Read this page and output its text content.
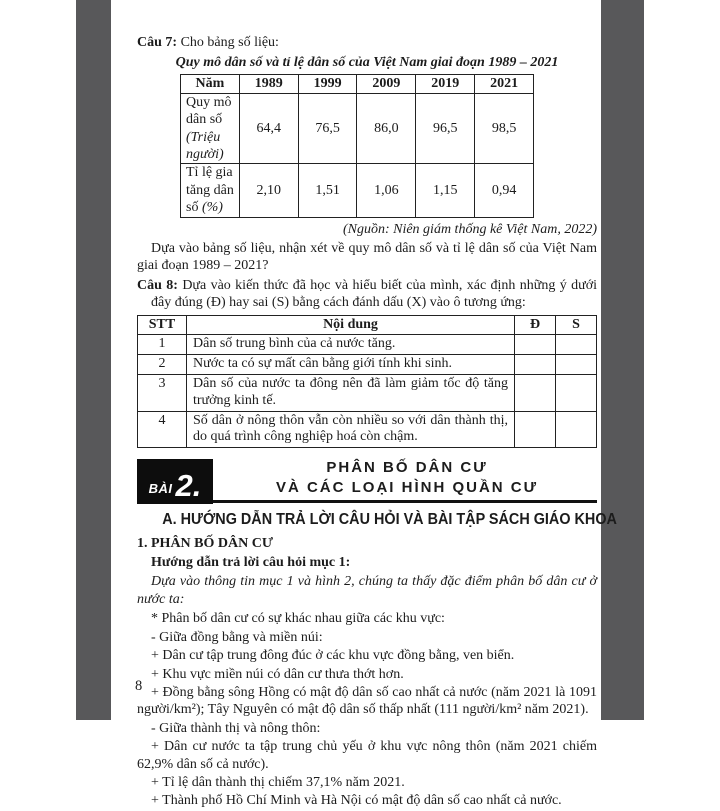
Câu 7: Cho bảng số liệu:

Quy mô dân số và tỉ lệ dân số của Việt Nam giai đoạn 1989 – 2021
Năm	1989	1999	2009	2019	2021
Quy mô dân số (Triệu người)	64,4	76,5	86,0	96,5	98,5
Tỉ lệ gia tăng dân số (%)	2,10	1,51	1,06	1,15	0,94
(Nguồn: Niên giám thống kê Việt Nam, 2022)

Dựa vào bảng số liệu, nhận xét về quy mô dân số và tỉ lệ dân số của Việt Nam giai đoạn 1989 – 2021?

Câu 8: Dựa vào kiến thức đã học và hiểu biết của mình, xác định những ý dưới đây đúng (Đ) hay sai (S) bằng cách đánh dấu (X) vào ô tương ứng:

STT	Nội dung	Đ	S
1	Dân số trung bình của cả nước tăng.		
2	Nước ta có sự mất cân bằng giới tính khi sinh.		
3	Dân số của nước ta đông nên đã làm giảm tốc độ tăng trưởng kinh tế.		
4	Số dân ở nông thôn vẫn còn nhiều so với dân thành thị, do quá trình công nghiệp hoá còn chậm.		
BÀI 2.
PHÂN BỐ DÂN CƯ
VÀ CÁC LOẠI HÌNH QUẦN CƯ
A. HƯỚNG DẪN TRẢ LỜI CÂU HỎI VÀ BÀI TẬP SÁCH GIÁO KHOA

1. PHÂN BỐ DÂN CƯ

Hướng dẫn trả lời câu hỏi mục 1:

Dựa vào thông tin mục 1 và hình 2, chúng ta thấy đặc điểm phân bố dân cư ở nước ta:

* Phân bố dân cư có sự khác nhau giữa các khu vực:

- Giữa đồng bằng và miền núi:

+ Dân cư tập trung đông đúc ở các khu vực đồng bằng, ven biển.

+ Khu vực miền núi có dân cư thưa thớt hơn.

+ Đồng bằng sông Hồng có mật độ dân số cao nhất cả nước (năm 2021 là 1091 người/km²); Tây Nguyên có mật độ dân số thấp nhất (111 người/km² năm 2021).

- Giữa thành thị và nông thôn:

+ Dân cư nước ta tập trung chủ yếu ở khu vực nông thôn (năm 2021 chiếm 62,9% dân số cả nước).

+ Tỉ lệ dân thành thị chiếm 37,1% năm 2021.

+ Thành phố Hồ Chí Minh và Hà Nội có mật độ dân số cao nhất cả nước.

8
